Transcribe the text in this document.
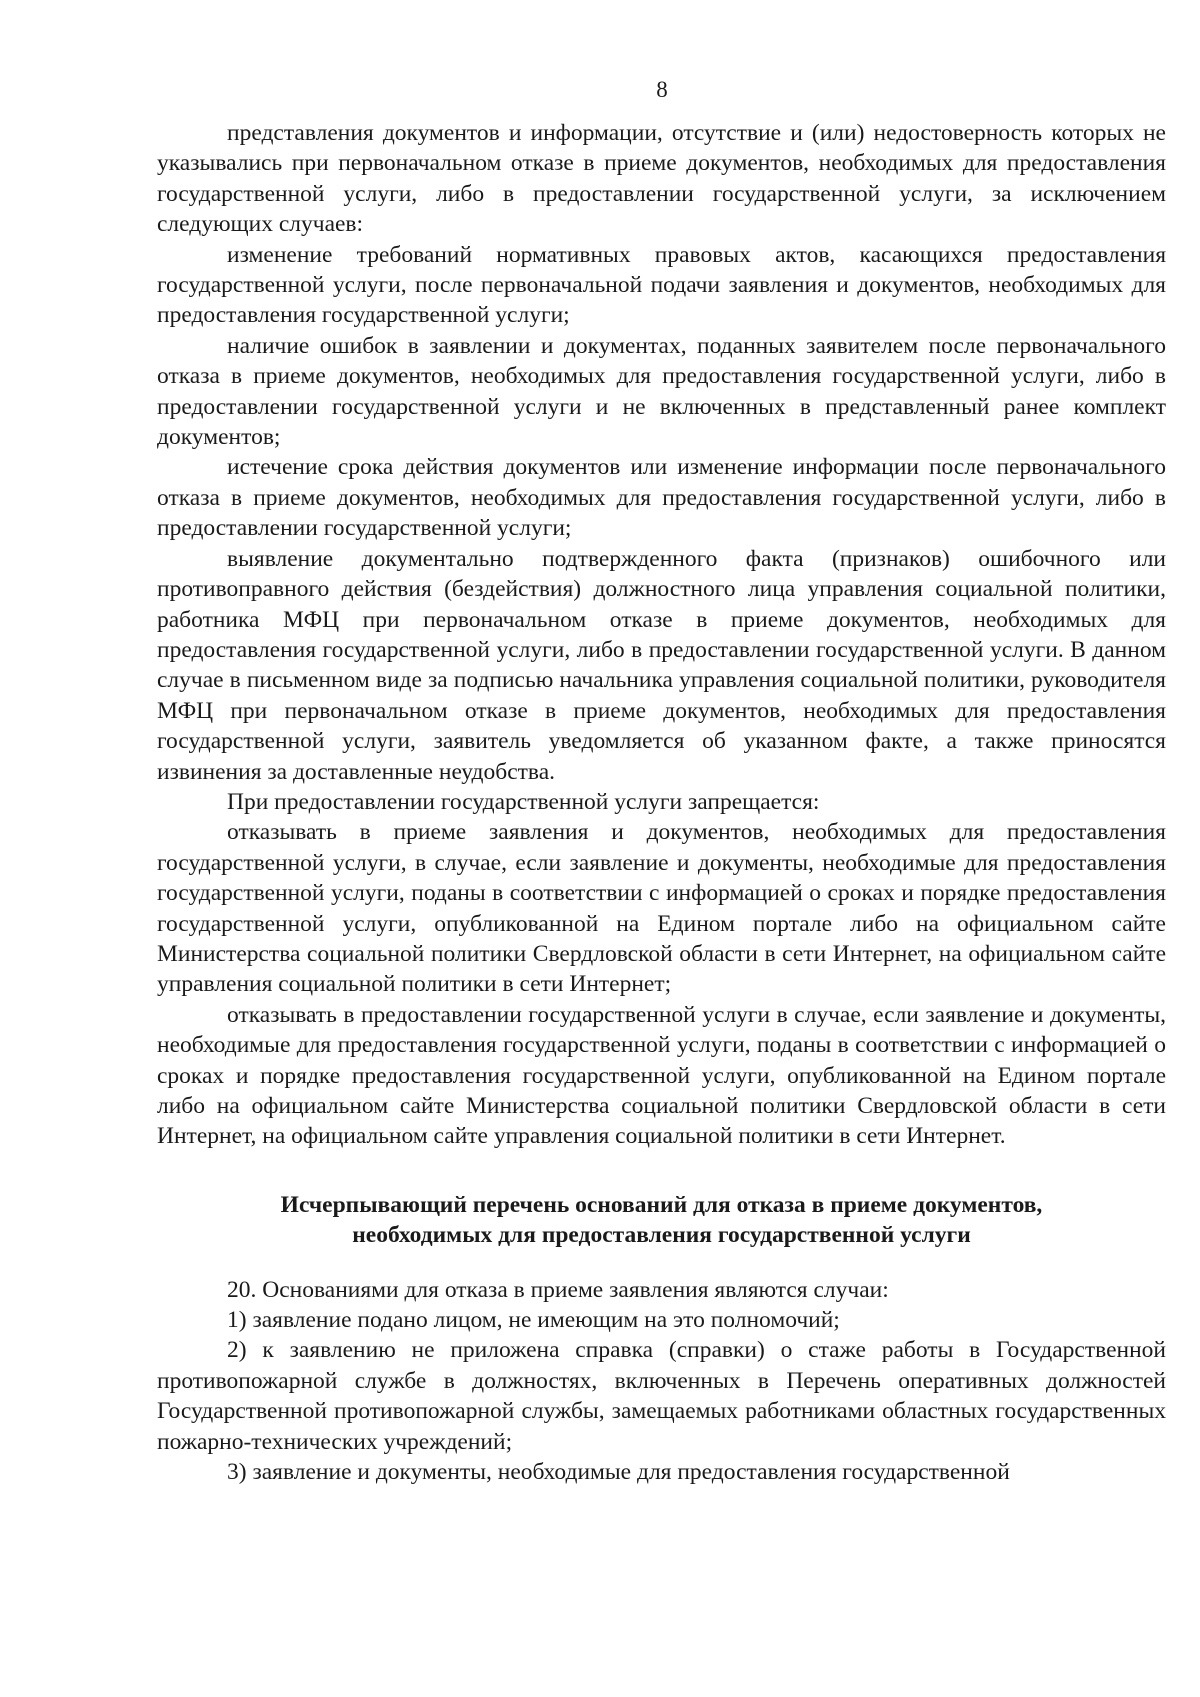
8

представления документов и информации, отсутствие и (или) недостоверность которых не указывались при первоначальном отказе в приеме документов, необходимых для предоставления государственной услуги, либо в предоставлении государственной услуги, за исключением следующих случаев:

изменение требований нормативных правовых актов, касающихся предоставления государственной услуги, после первоначальной подачи заявления и документов, необходимых для предоставления государственной услуги;

наличие ошибок в заявлении и документах, поданных заявителем после первоначального отказа в приеме документов, необходимых для предоставления государственной услуги, либо в предоставлении государственной услуги и не включенных в представленный ранее комплект документов;

истечение срока действия документов или изменение информации после первоначального отказа в приеме документов, необходимых для предоставления государственной услуги, либо в предоставлении государственной услуги;

выявление документально подтвержденного факта (признаков) ошибочного или противоправного действия (бездействия) должностного лица управления социальной политики, работника МФЦ при первоначальном отказе в приеме документов, необходимых для предоставления государственной услуги, либо в предоставлении государственной услуги. В данном случае в письменном виде за подписью начальника управления социальной политики, руководителя МФЦ при первоначальном отказе в приеме документов, необходимых для предоставления государственной услуги, заявитель уведомляется об указанном факте, а также приносятся извинения за доставленные неудобства.

При предоставлении государственной услуги запрещается:

отказывать в приеме заявления и документов, необходимых для предоставления государственной услуги, в случае, если заявление и документы, необходимые для предоставления государственной услуги, поданы в соответствии с информацией о сроках и порядке предоставления государственной услуги, опубликованной на Едином портале либо на официальном сайте Министерства социальной политики Свердловской области в сети Интернет, на официальном сайте управления социальной политики в сети Интернет;

отказывать в предоставлении государственной услуги в случае, если заявление и документы, необходимые для предоставления государственной услуги, поданы в соответствии с информацией о сроках и порядке предоставления государственной услуги, опубликованной на Едином портале либо на официальном сайте Министерства социальной политики Свердловской области в сети Интернет, на официальном сайте управления социальной политики в сети Интернет.

Исчерпывающий перечень оснований для отказа в приеме документов,
необходимых для предоставления государственной услуги

20. Основаниями для отказа в приеме заявления являются случаи:

1) заявление подано лицом, не имеющим на это полномочий;

2) к заявлению не приложена справка (справки) о стаже работы в Государственной противопожарной службе в должностях, включенных в Перечень оперативных должностей Государственной противопожарной службы, замещаемых работниками областных государственных пожарно-технических учреждений;

3) заявление и документы, необходимые для предоставления государственной
